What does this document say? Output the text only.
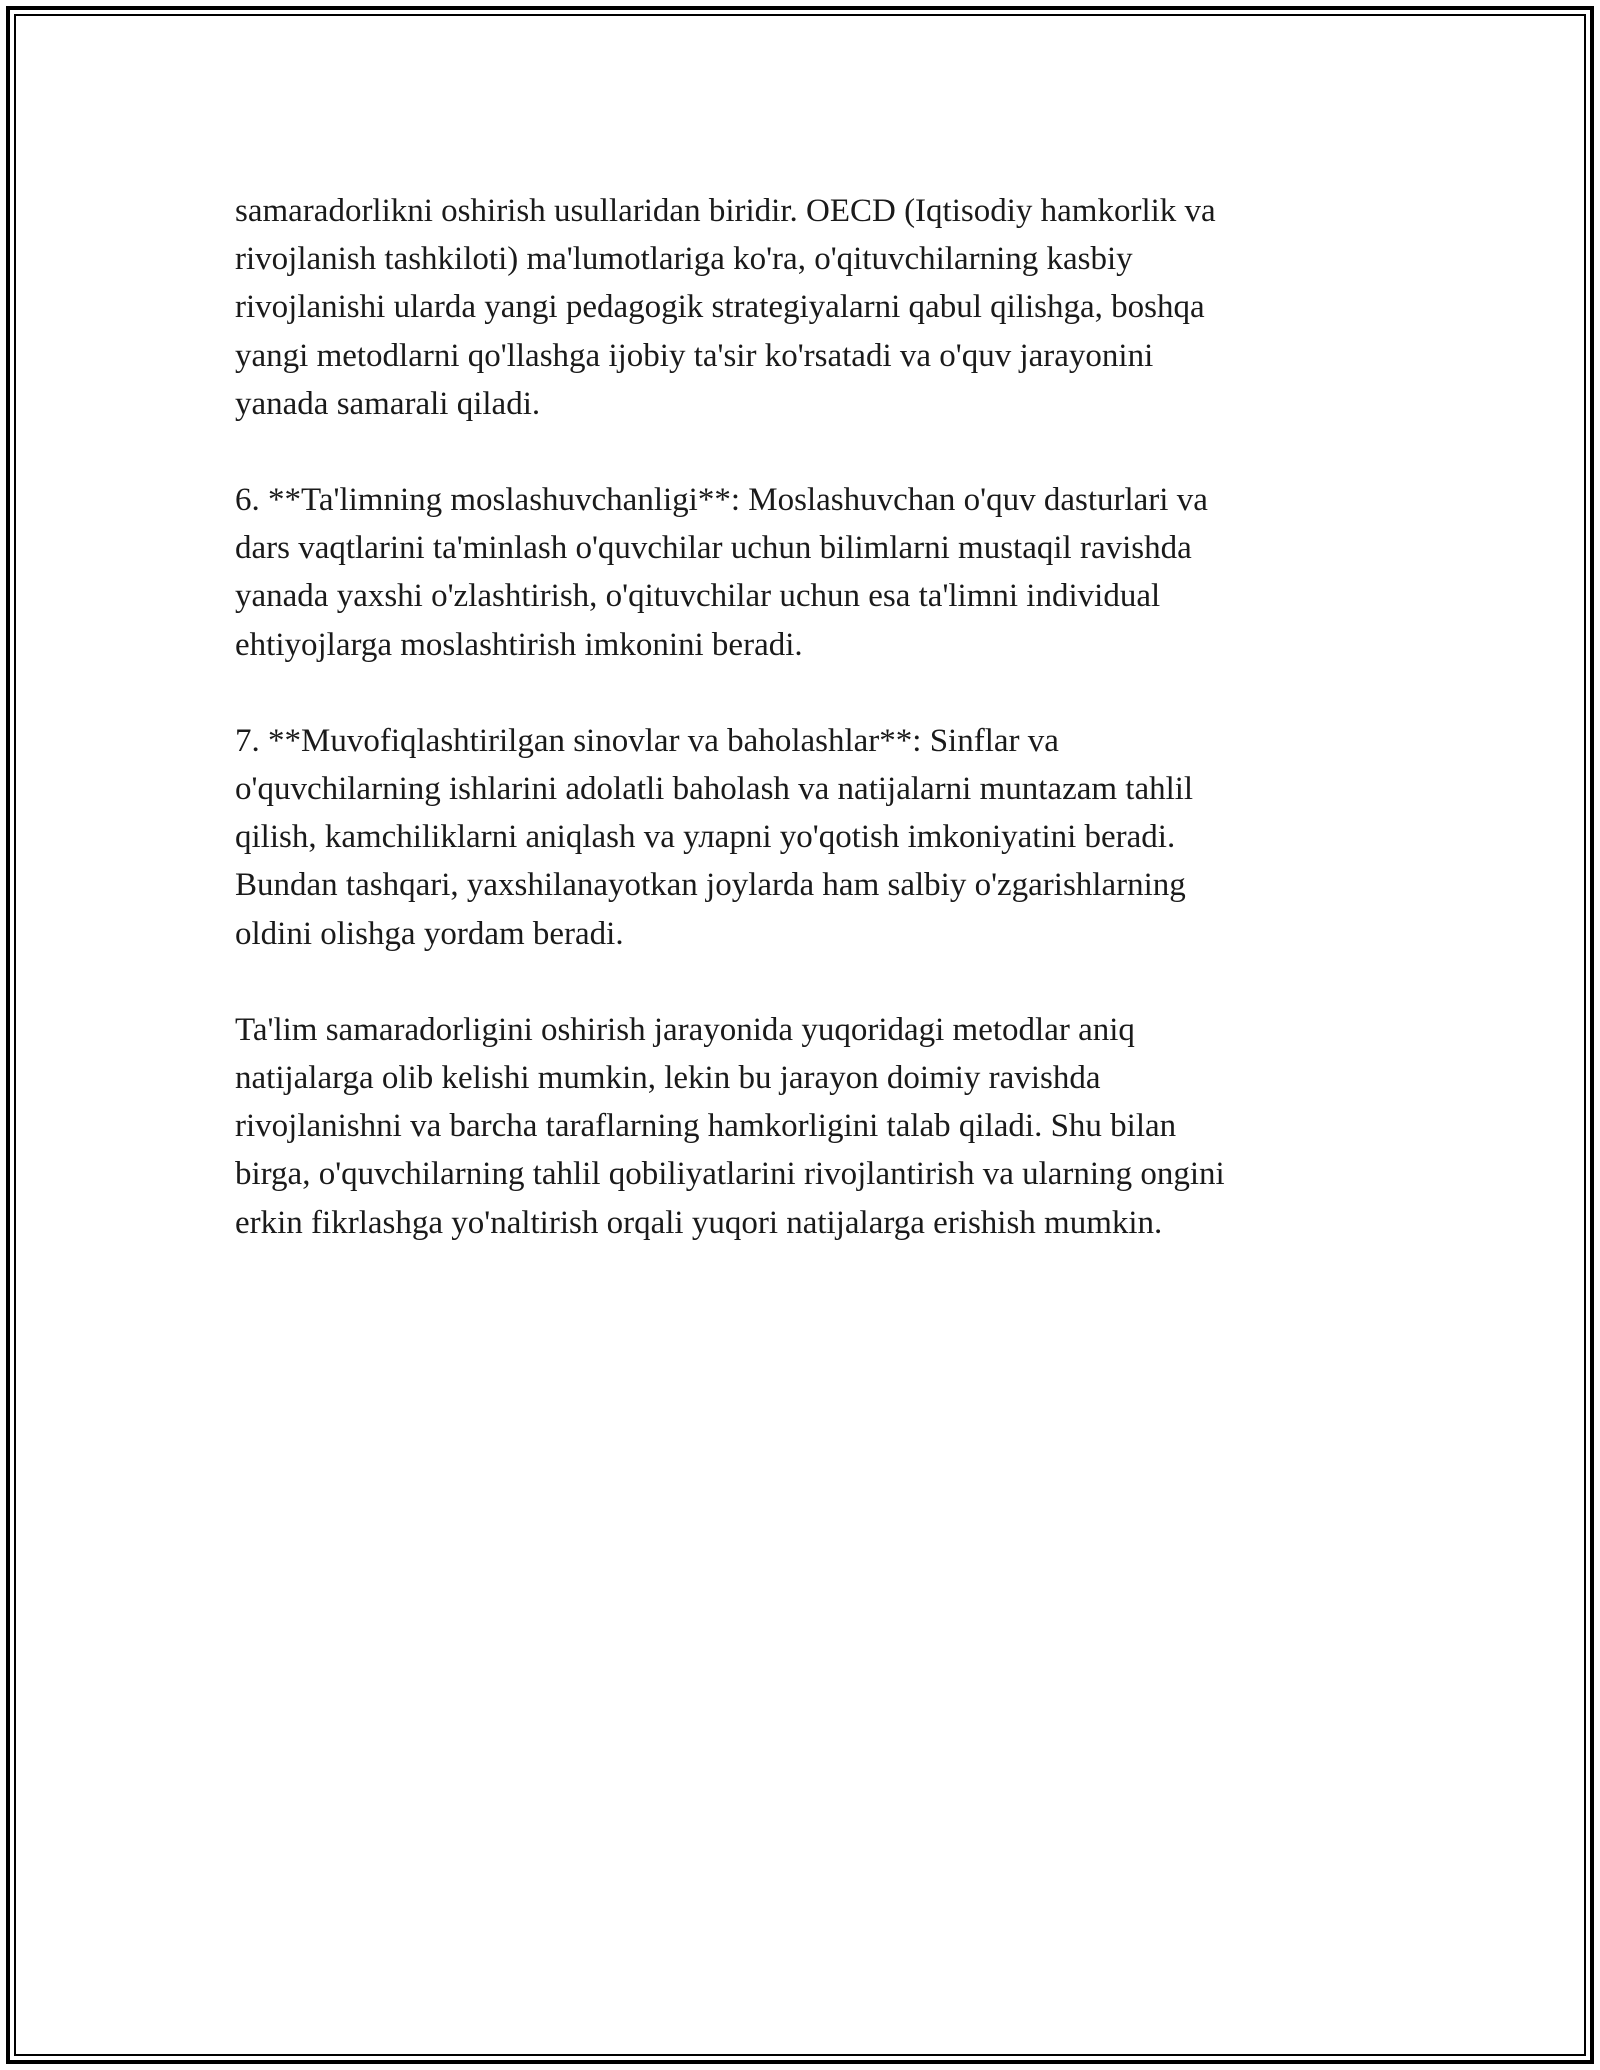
samaradorlikni oshirish usullaridan biridir. OECD (Iqtisodiy hamkorlik va
rivojlanish tashkiloti) ma'lumotlariga ko'ra, o'qituvchilarning kasbiy
rivojlanishi ularda yangi pedagogik strategiyalarni qabul qilishga, boshqa
yangi metodlarni qo'llashga ijobiy ta'sir ko'rsatadi va o'quv jarayonini
yanada samarali qiladi.

6. **Ta'limning moslashuvchanligi**: Moslashuvchan o'quv dasturlari va
dars vaqtlarini ta'minlash o'quvchilar uchun bilimlarni mustaqil ravishda
yanada yaxshi o'zlashtirish, o'qituvchilar uchun esa ta'limni individual
ehtiyojlarga moslashtirish imkonini beradi.

7. **Muvofiqlashtirilgan sinovlar va baholashlar**: Sinflar va
o'quvchilarning ishlarini adolatli baholash va natijalarni muntazam tahlil
qilish, kamchiliklarni aniqlash va уларni yo'qotish imkoniyatini beradi.
Bundan tashqari, yaxshilanayotkan joylarda ham salbiy o'zgarishlarning
oldini olishga yordam beradi.

Ta'lim samaradorligini oshirish jarayonida yuqoridagi metodlar aniq
natijalarga olib kelishi mumkin, lekin bu jarayon doimiy ravishda
rivojlanishni va barcha taraflarning hamkorligini talab qiladi. Shu bilan
birga, o'quvchilarning tahlil qobiliyatlarini rivojlantirish va ularning ongini
erkin fikrlashga yo'naltirish orqali yuqori natijalarga erishish mumkin.
